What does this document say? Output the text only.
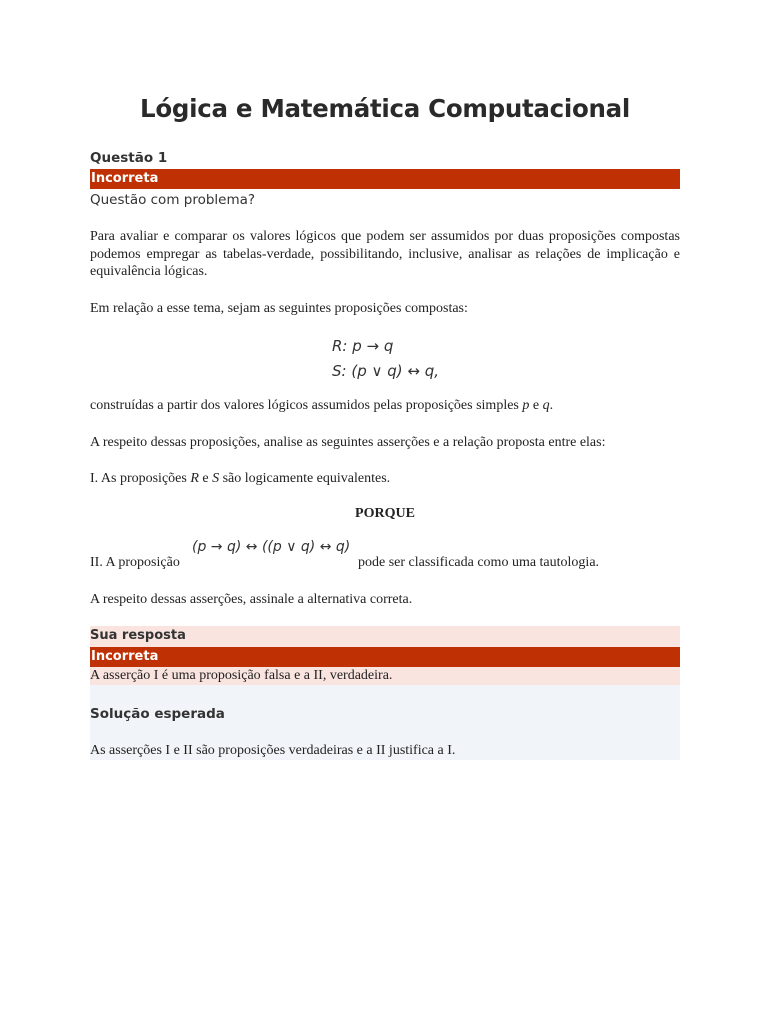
Lógica e Matemática Computacional
Questão 1
Incorreta
Questão com problema?
Para avaliar e comparar os valores lógicos que podem ser assumidos por duas proposições compostas podemos empregar as tabelas-verdade, possibilitando, inclusive, analisar as relações de implicação e equivalência lógicas.
Em relação a esse tema, sejam as seguintes proposições compostas:
R: p → q
S: (p ∨ q) ↔ q,
construídas a partir dos valores lógicos assumidos pelas proposições simples p e q.
A respeito dessas proposições, analise as seguintes asserções e a relação proposta entre elas:
I. As proposições R e S são logicamente equivalentes.
PORQUE
II. A proposição
(p → q) ↔ ((p ∨ q) ↔ q)
pode ser classificada como uma tautologia.
A respeito dessas asserções, assinale a alternativa correta.
Sua resposta
Incorreta
A asserção I é uma proposição falsa e a II, verdadeira.
Solução esperada
As asserções I e II são proposições verdadeiras e a II justifica a I.
